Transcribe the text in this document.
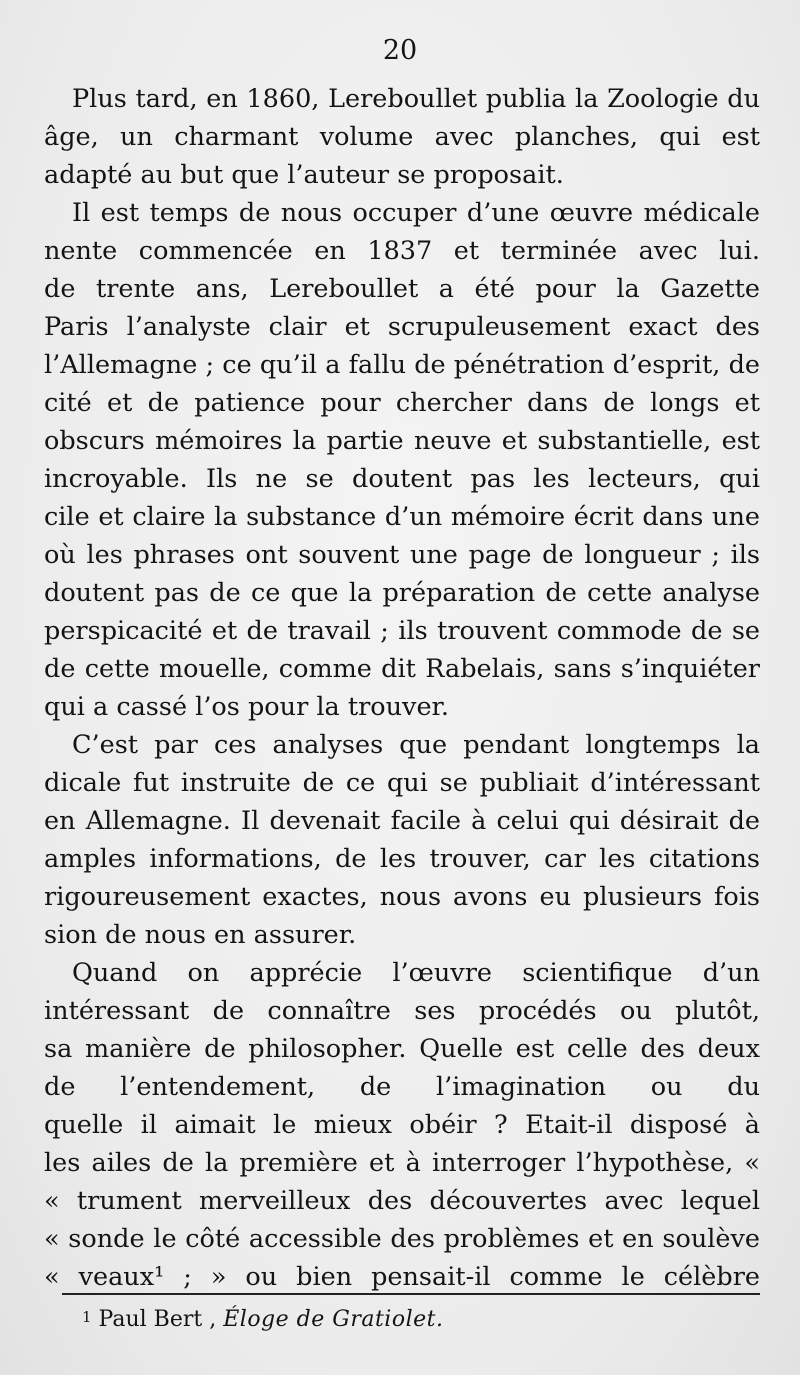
20

Plus tard, en 1860, Lereboullet publia la Zoologie du
âge, un charmant volume avec planches, qui est
adapté au but que l’auteur se proposait.

Il est temps de nous occuper d’une œuvre médicale
nente commencée en 1837 et terminée avec lui.
de trente ans, Lereboullet a été pour la Gazette
Paris l’analyste clair et scrupuleusement exact des
l’Allemagne ; ce qu’il a fallu de pénétration d’esprit, de
cité et de patience pour chercher dans de longs et
obscurs mémoires la partie neuve et substantielle, est
incroyable. Ils ne se doutent pas les lecteurs, qui
cile et claire la substance d’un mémoire écrit dans une
où les phrases ont souvent une page de longueur ; ils
doutent pas de ce que la préparation de cette analyse
perspicacité et de travail ; ils trouvent commode de se
de cette mouelle, comme dit Rabelais, sans s’inquiéter
qui a cassé l’os pour la trouver.

C’est par ces analyses que pendant longtemps la
dicale fut instruite de ce qui se publiait d’intéressant
en Allemagne. Il devenait facile à celui qui désirait de
amples informations, de les trouver, car les citations
rigoureusement exactes, nous avons eu plusieurs fois
sion de nous en assurer.

Quand on apprécie l’œuvre scientifique d’un
intéressant de connaître ses procédés ou plutôt,
sa manière de philosopher. Quelle est celle des deux
de l’entendement, de l’imagination ou du
quelle il aimait le mieux obéir ? Etait-il disposé à
les ailes de la première et à interroger l’hypothèse, «
« trument merveilleux des découvertes avec lequel
« sonde le côté accessible des problèmes et en soulève
« veaux¹ ; » ou bien pensait-il comme le célèbre

$^1$ Paul Bert , Éloge de Gratiolet.
